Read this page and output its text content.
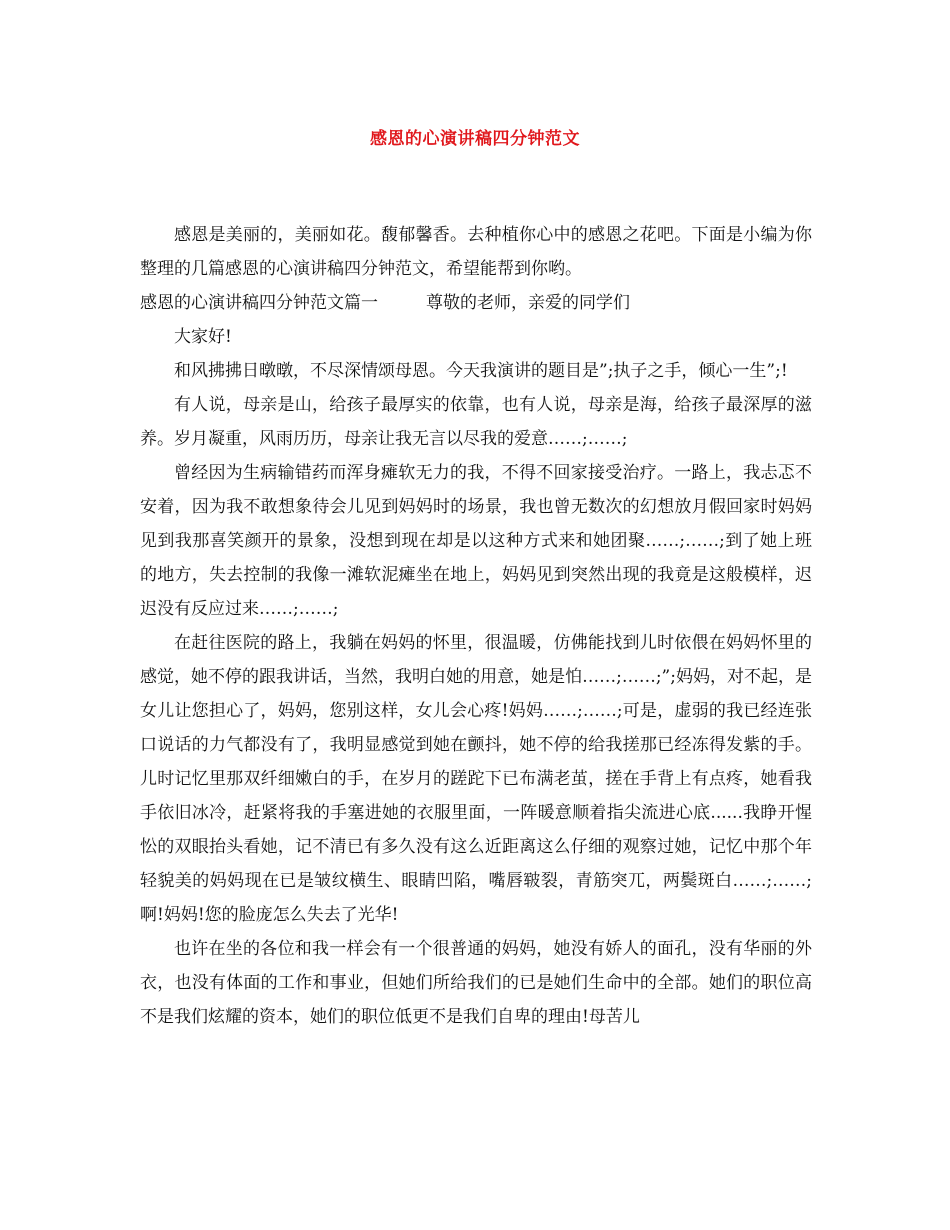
感恩的心演讲稿四分钟范文

感恩是美丽的，美丽如花。馥郁馨香。去种植你心中的感恩之花吧。下面是小编为你整理的几篇感恩的心演讲稿四分钟范文，希望能帮到你哟。

感恩的心演讲稿四分钟范文篇一	尊敬的老师，亲爱的同学们

大家好!

和风拂拂日暾暾，不尽深情颂母恩。今天我演讲的题目是”;执子之手，倾心一生”;!

有人说，母亲是山，给孩子最厚实的依靠，也有人说，母亲是海，给孩子最深厚的滋养。岁月凝重，风雨历历，母亲让我无言以尽我的爱意……;……;

曾经因为生病输错药而浑身瘫软无力的我，不得不回家接受治疗。一路上，我忐忑不安着，因为我不敢想象待会儿见到妈妈时的场景，我也曾无数次的幻想放月假回家时妈妈见到我那喜笑颜开的景象，没想到现在却是以这种方式来和她团聚……;……;到了她上班的地方，失去控制的我像一滩软泥瘫坐在地上，妈妈见到突然出现的我竟是这般模样，迟迟没有反应过来……;……;

在赶往医院的路上，我躺在妈妈的怀里，很温暖，仿佛能找到儿时依偎在妈妈怀里的感觉，她不停的跟我讲话，当然，我明白她的用意，她是怕……;……;”;妈妈，对不起，是女儿让您担心了，妈妈，您别这样，女儿会心疼!妈妈……;……;可是，虚弱的我已经连张口说话的力气都没有了，我明显感觉到她在颤抖，她不停的给我搓那已经冻得发紫的手。儿时记忆里那双纤细嫩白的手，在岁月的蹉跎下已布满老茧，搓在手背上有点疼，她看我手依旧冰冷，赶紧将我的手塞进她的衣服里面，一阵暖意顺着指尖流进心底......我睁开惺忪的双眼抬头看她，记不清已有多久没有这么近距离这么仔细的观察过她，记忆中那个年轻貌美的妈妈现在已是皱纹横生、眼睛凹陷，嘴唇皲裂，青筋突兀，两鬓斑白……;……;啊!妈妈!您的脸庞怎么失去了光华!

也许在坐的各位和我一样会有一个很普通的妈妈，她没有娇人的面孔，没有华丽的外衣，也没有体面的工作和事业，但她们所给我们的已是她们生命中的全部。她们的职位高不是我们炫耀的资本，她们的职位低更不是我们自卑的理由!母苦儿
